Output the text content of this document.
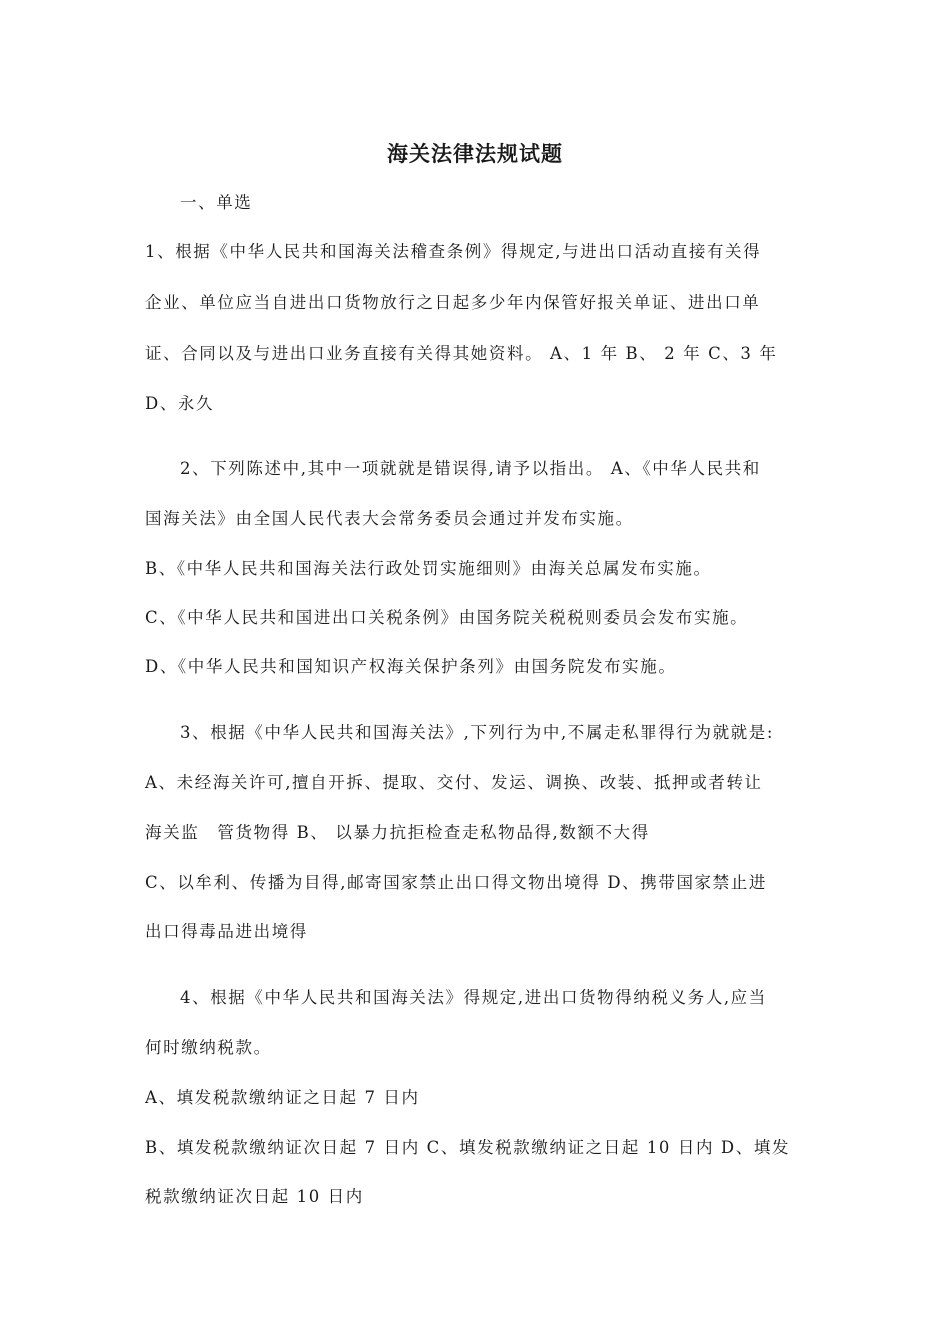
海关法律法规试题
一、单选
1、根据《中华人民共和国海关法稽查条例》得规定,与进出口活动直接有关得
企业、单位应当自进出口货物放行之日起多少年内保管好报关单证、进出口单
证、合同以及与进出口业务直接有关得其她资料。 A、1 年 B、 2 年 C、3 年
D、永久
2、下列陈述中,其中一项就就是错误得,请予以指出。 A、《中华人民共和
国海关法》由全国人民代表大会常务委员会通过并发布实施。
B、《中华人民共和国海关法行政处罚实施细则》由海关总属发布实施。
C、《中华人民共和国进出口关税条例》由国务院关税税则委员会发布实施。
D、《中华人民共和国知识产权海关保护条列》由国务院发布实施。
3、根据《中华人民共和国海关法》,下列行为中,不属走私罪得行为就就是:
A、未经海关许可,擅自开拆、提取、交付、发运、调换、改装、抵押或者转让
海关监　管货物得 B、 以暴力抗拒检查走私物品得,数额不大得
C、以牟利、传播为目得,邮寄国家禁止出口得文物出境得 D、携带国家禁止进
出口得毒品进出境得
4、根据《中华人民共和国海关法》得规定,进出口货物得纳税义务人,应当
何时缴纳税款。
A、填发税款缴纳证之日起 7 日内
B、填发税款缴纳证次日起 7 日内 C、填发税款缴纳证之日起 10 日内 D、填发
税款缴纳证次日起 10 日内
